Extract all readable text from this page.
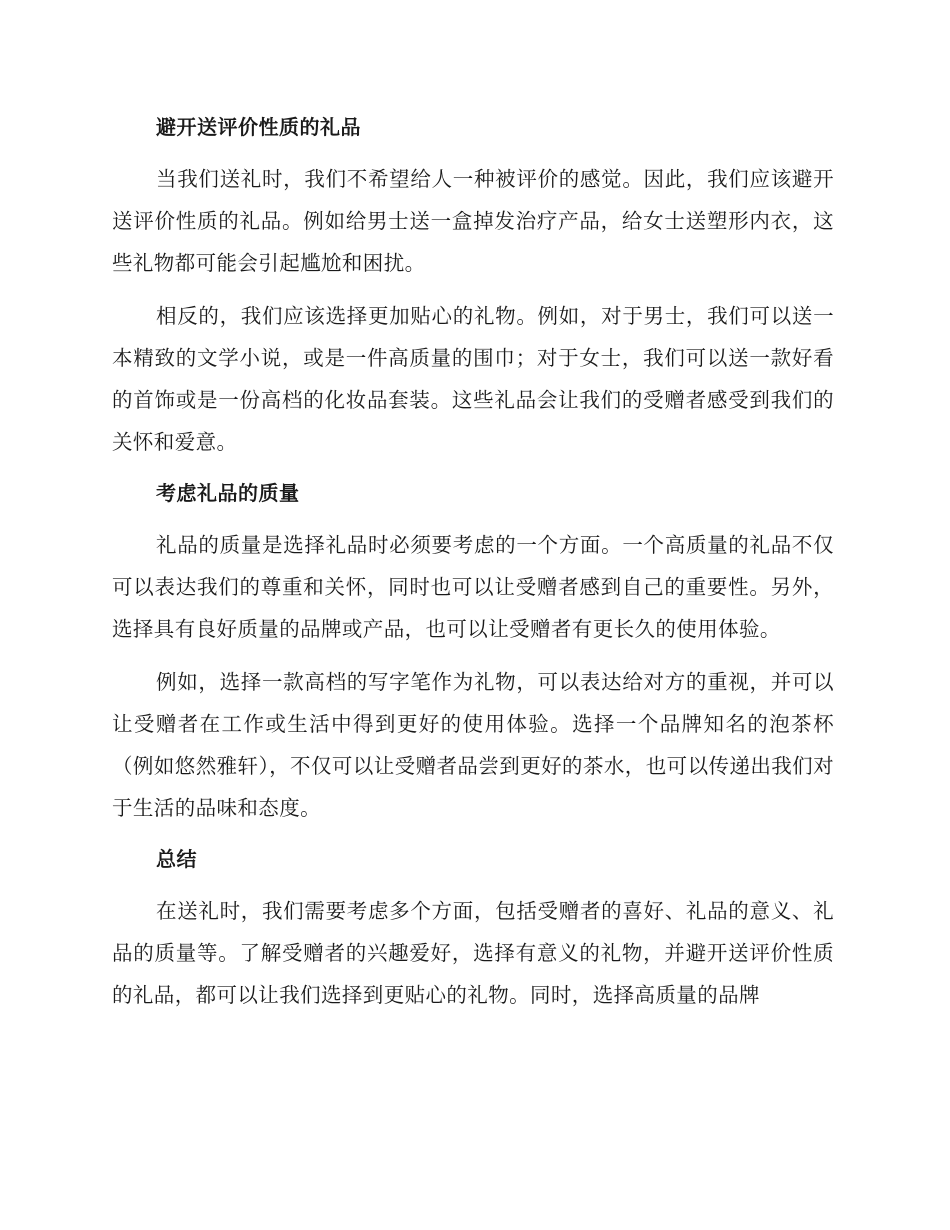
避开送评价性质的礼品

当我们送礼时，我们不希望给人一种被评价的感觉。因此，我们应该避开送评价性质的礼品。例如给男士送一盒掉发治疗产品，给女士送塑形内衣，这些礼物都可能会引起尴尬和困扰。

相反的，我们应该选择更加贴心的礼物。例如，对于男士，我们可以送一本精致的文学小说，或是一件高质量的围巾；对于女士，我们可以送一款好看的首饰或是一份高档的化妆品套装。这些礼品会让我们的受赠者感受到我们的关怀和爱意。

考虑礼品的质量

礼品的质量是选择礼品时必须要考虑的一个方面。一个高质量的礼品不仅可以表达我们的尊重和关怀，同时也可以让受赠者感到自己的重要性。另外，选择具有良好质量的品牌或产品，也可以让受赠者有更长久的使用体验。

例如，选择一款高档的写字笔作为礼物，可以表达给对方的重视，并可以让受赠者在工作或生活中得到更好的使用体验。选择一个品牌知名的泡茶杯（例如悠然雅轩），不仅可以让受赠者品尝到更好的茶水，也可以传递出我们对于生活的品味和态度。

总结

在送礼时，我们需要考虑多个方面，包括受赠者的喜好、礼品的意义、礼品的质量等。了解受赠者的兴趣爱好，选择有意义的礼物，并避开送评价性质的礼品，都可以让我们选择到更贴心的礼物。同时，选择高质量的品牌
